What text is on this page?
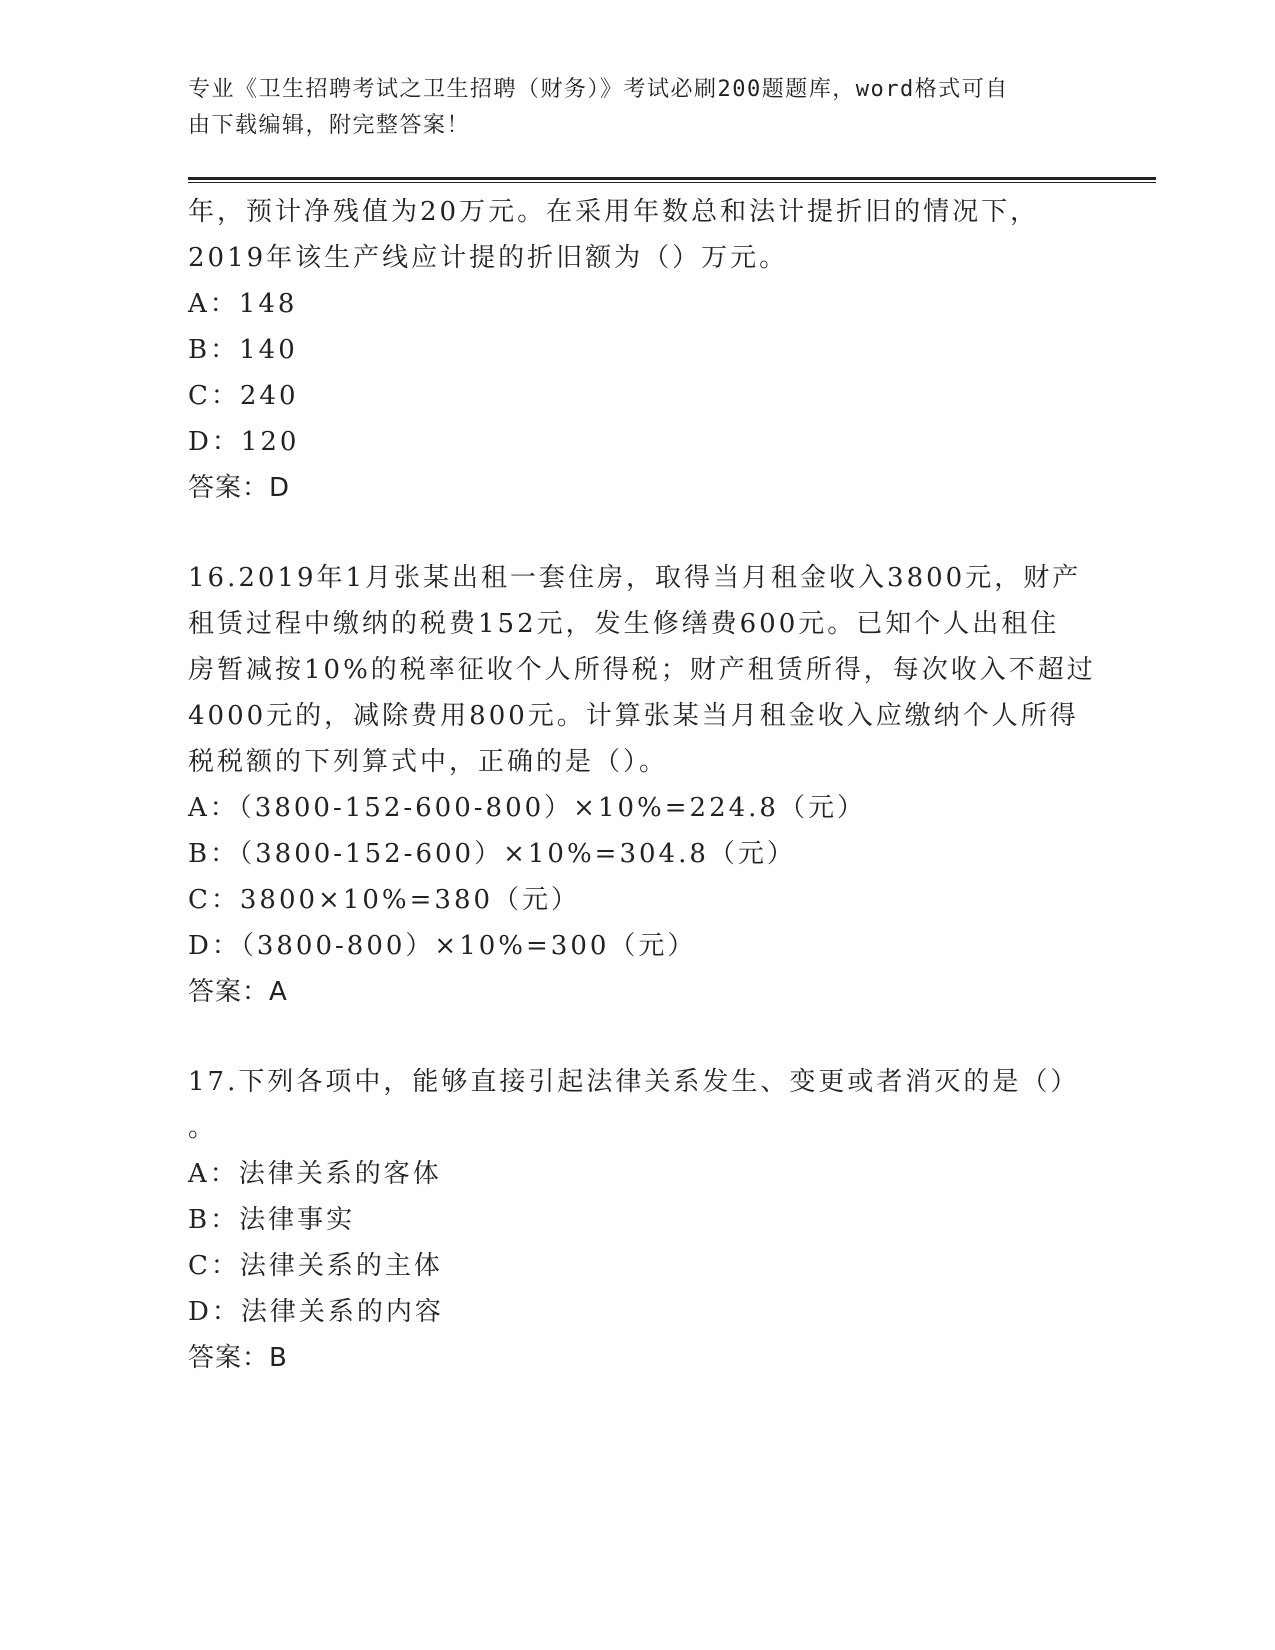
专业《卫生招聘考试之卫生招聘（财务）》考试必刷200题题库，word格式可自
由下载编辑，附完整答案！
年，预计净残值为20万元。在采用年数总和法计提折旧的情况下，
2019年该生产线应计提的折旧额为（）万元。
A：148
B：140
C：240
D：120
答案：D
16.2019年1月张某出租一套住房，取得当月租金收入3800元，财产
租赁过程中缴纳的税费152元，发生修缮费600元。已知个人出租住
房暂减按10%的税率征收个人所得税；财产租赁所得，每次收入不超过
4000元的，减除费用800元。计算张某当月租金收入应缴纳个人所得
税税额的下列算式中，正确的是（）。
A：（3800-152-600-800）×10%=224.8（元）
B：（3800-152-600）×10%=304.8（元）
C：3800×10%=380（元）
D：（3800-800）×10%=300（元）
答案：A
17.下列各项中，能够直接引起法律关系发生、变更或者消灭的是（）
。
A：法律关系的客体
B：法律事实
C：法律关系的主体
D：法律关系的内容
答案：B
